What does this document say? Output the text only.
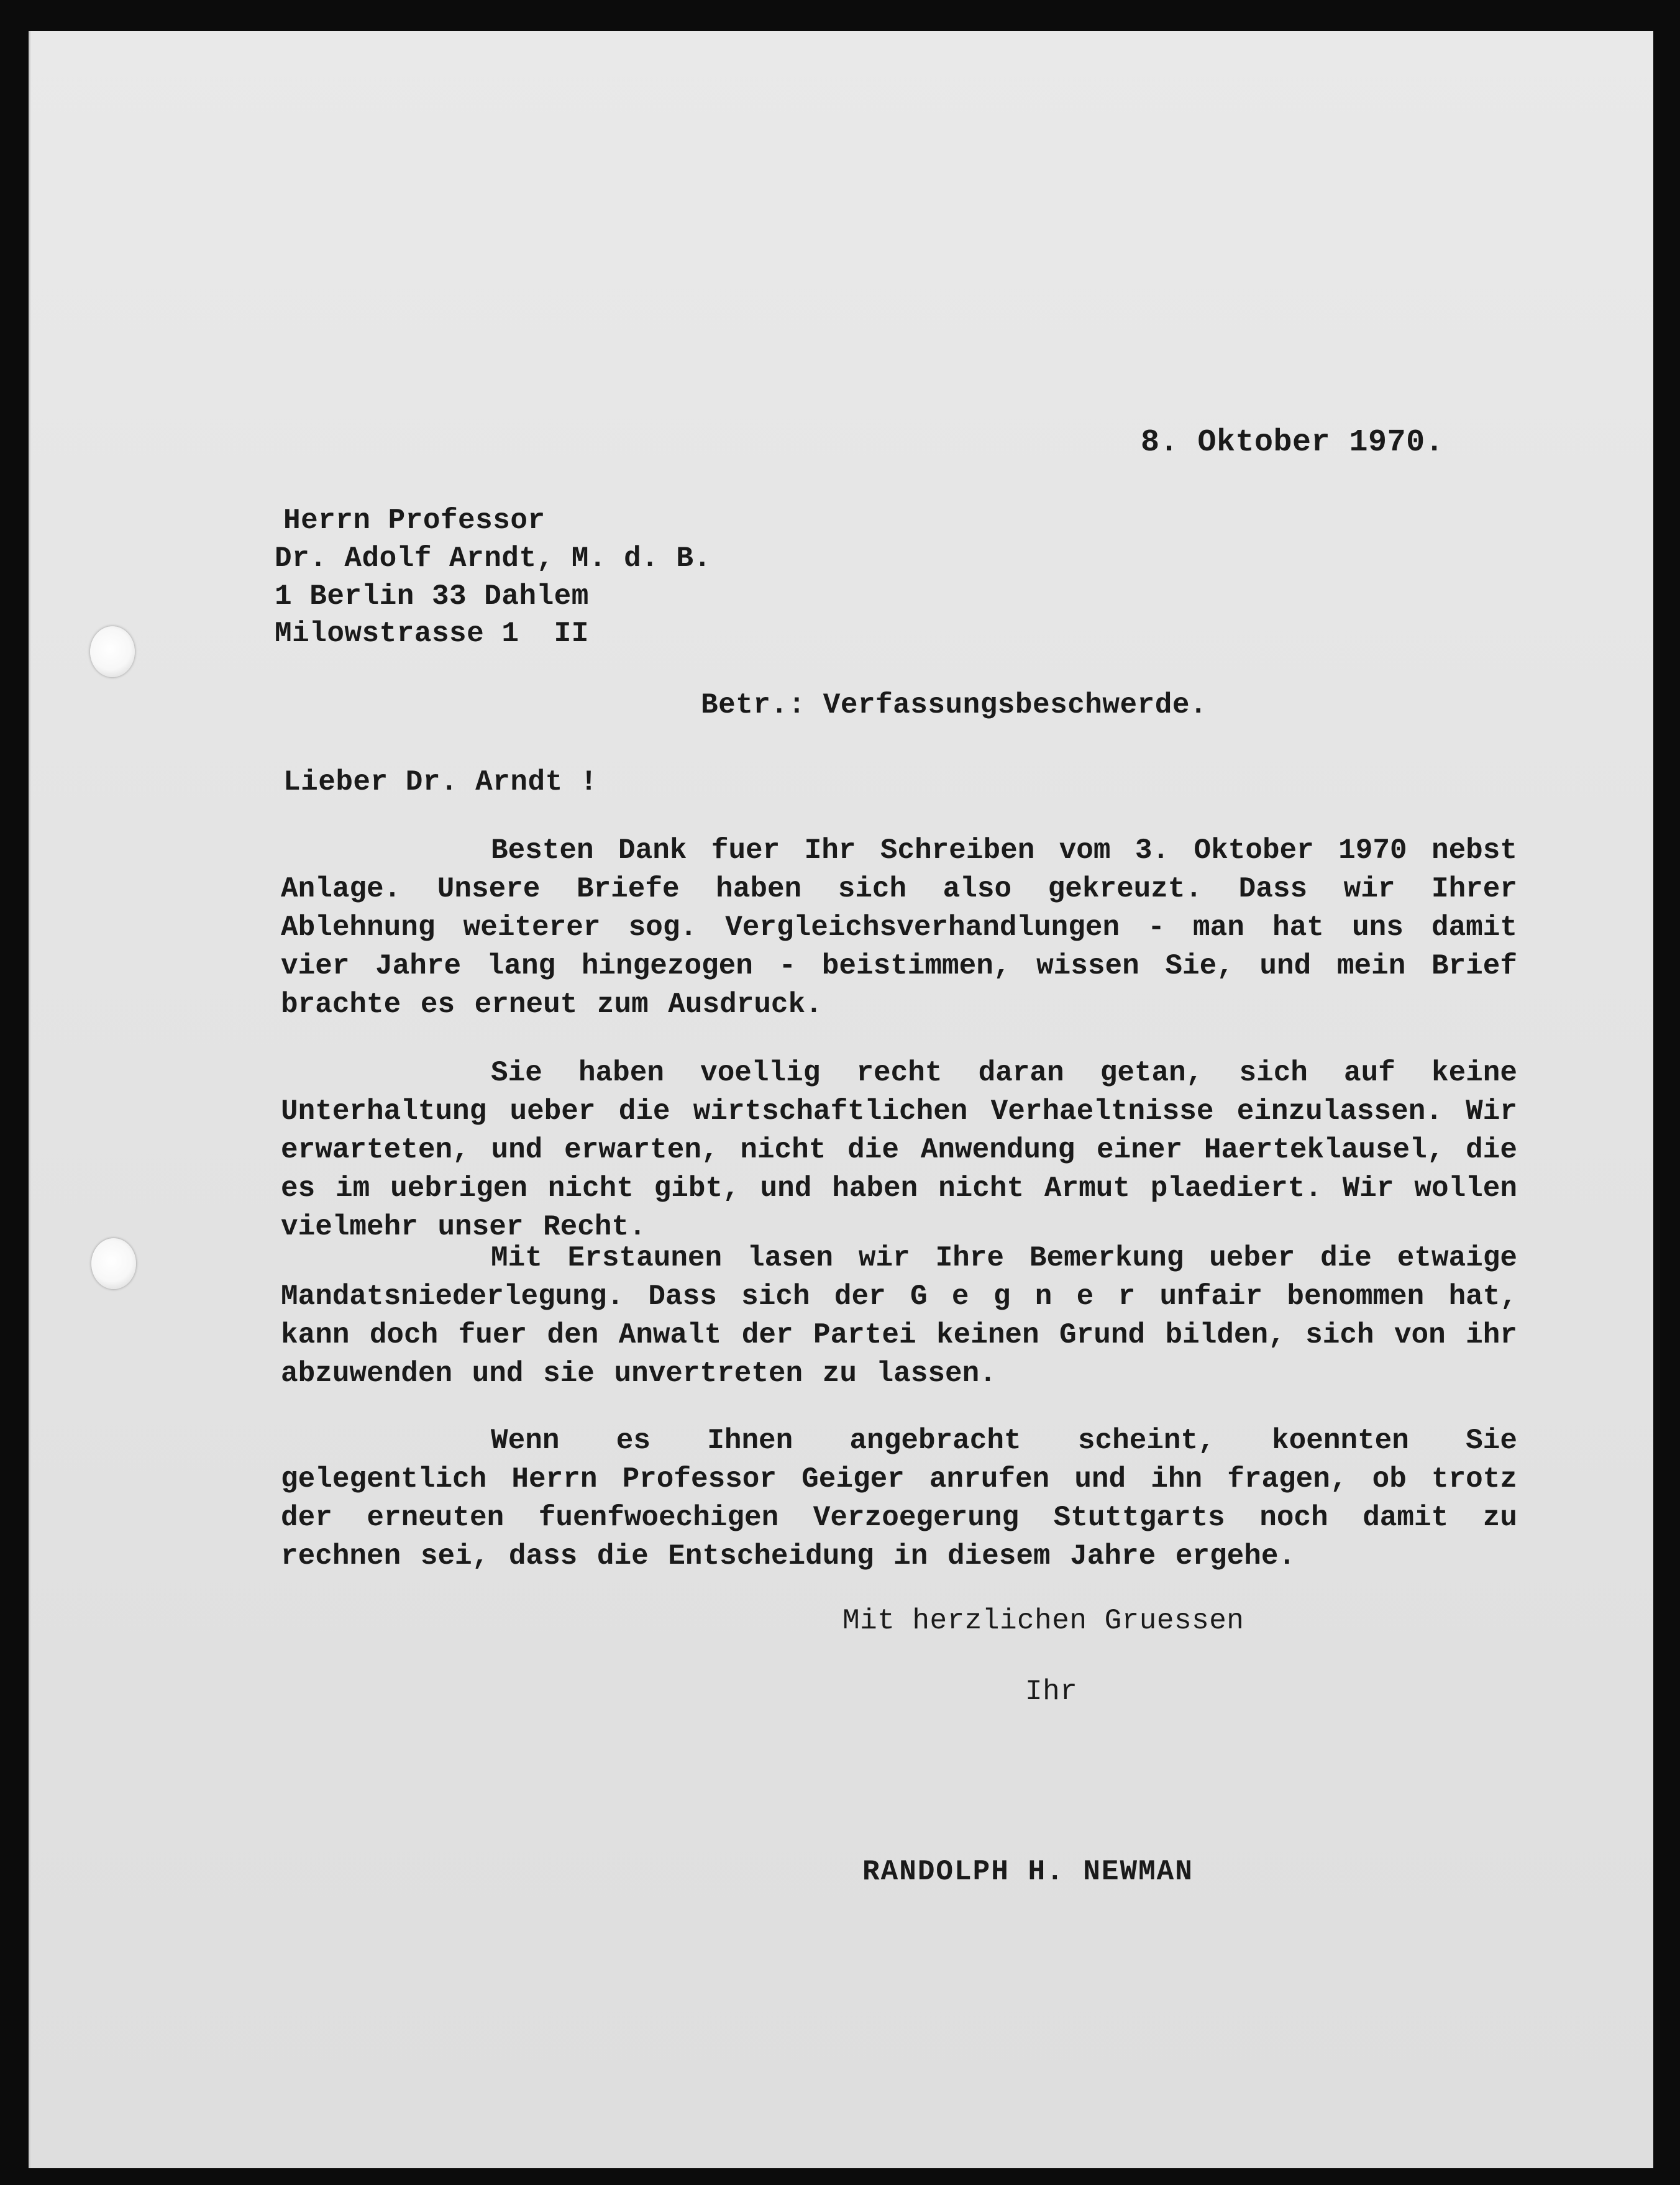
8. Oktober 1970.
Herrn Professor
Dr. Adolf Arndt, M. d. B.
1 Berlin 33 Dahlem
Milowstrasse 1  II
Betr.: Verfassungsbeschwerde.
Lieber Dr. Arndt !
Besten Dank fuer Ihr Schreiben vom 3. Oktober 1970 nebst Anlage. Unsere Briefe haben sich also gekreuzt. Dass wir Ihrer Ablehnung weiterer sog. Vergleichsverhandlungen - man hat uns damit vier Jahre lang hingezogen - beistimmen, wissen Sie, und mein Brief brachte es erneut zum Ausdruck.
Sie haben voellig recht daran getan, sich auf keine Unterhaltung ueber die wirtschaftlichen Verhaeltnisse einzulassen. Wir erwarteten, und erwarten, nicht die Anwendung einer Haerteklausel, die es im uebrigen nicht gibt, und haben nicht Armut plaediert. Wir wollen vielmehr unser Recht.
Mit Erstaunen lasen wir Ihre Bemerkung ueber die etwaige Mandatsniederlegung. Dass sich der G e g n e r unfair benommen hat, kann doch fuer den Anwalt der Partei keinen Grund bilden, sich von ihr abzuwenden und sie unvertreten zu lassen.
Wenn es Ihnen angebracht scheint, koennten Sie gelegentlich Herrn Professor Geiger anrufen und ihn fragen, ob trotz der erneuten fuenfwoechigen Verzoegerung Stuttgarts noch damit zu rechnen sei, dass die Entscheidung in diesem Jahre ergehe.
Mit herzlichen Gruessen
Ihr
RANDOLPH H. NEWMAN
